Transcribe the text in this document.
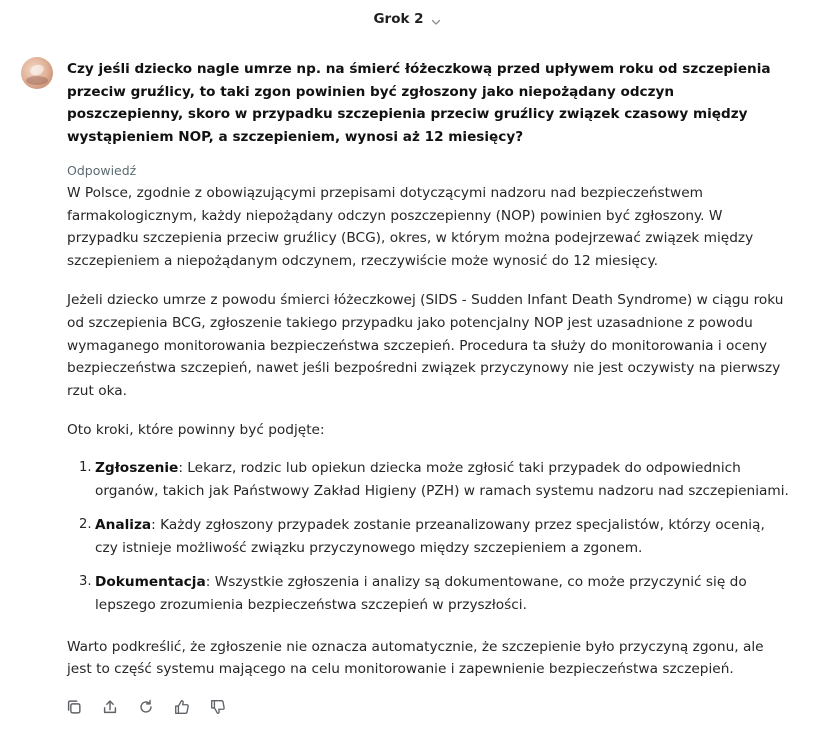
Grok 2

Czy jeśli dziecko nagle umrze np. na śmierć łóżeczkową przed upływem roku od szczepienia przeciw gruźlicy, to taki zgon powinien być zgłoszony jako niepożądany odczyn poszczepienny, skoro w przypadku szczepienia przeciw gruźlicy związek czasowy między wystąpieniem NOP, a szczepieniem, wynosi aż 12 miesięcy?

Odpowiedź

W Polsce, zgodnie z obowiązującymi przepisami dotyczącymi nadzoru nad bezpieczeństwem farmakologicznym, każdy niepożądany odczyn poszczepienny (NOP) powinien być zgłoszony. W przypadku szczepienia przeciw gruźlicy (BCG), okres, w którym można podejrzewać związek między szczepieniem a niepożądanym odczynem, rzeczywiście może wynosić do 12 miesięcy.

Jeżeli dziecko umrze z powodu śmierci łóżeczkowej (SIDS - Sudden Infant Death Syndrome) w ciągu roku od szczepienia BCG, zgłoszenie takiego przypadku jako potencjalny NOP jest uzasadnione z powodu wymaganego monitorowania bezpieczeństwa szczepień. Procedura ta służy do monitorowania i oceny bezpieczeństwa szczepień, nawet jeśli bezpośredni związek przyczynowy nie jest oczywisty na pierwszy rzut oka.

Oto kroki, które powinny być podjęte:

1. Zgłoszenie: Lekarz, rodzic lub opiekun dziecka może zgłosić taki przypadek do odpowiednich organów, takich jak Państwowy Zakład Higieny (PZH) w ramach systemu nadzoru nad szczepieniami.
2. Analiza: Każdy zgłoszony przypadek zostanie przeanalizowany przez specjalistów, którzy ocenią, czy istnieje możliwość związku przyczynowego między szczepieniem a zgonem.
3. Dokumentacja: Wszystkie zgłoszenia i analizy są dokumentowane, co może przyczynić się do lepszego zrozumienia bezpieczeństwa szczepień w przyszłości.

Warto podkreślić, że zgłoszenie nie oznacza automatycznie, że szczepienie było przyczyną zgonu, ale jest to część systemu mającego na celu monitorowanie i zapewnienie bezpieczeństwa szczepień.
